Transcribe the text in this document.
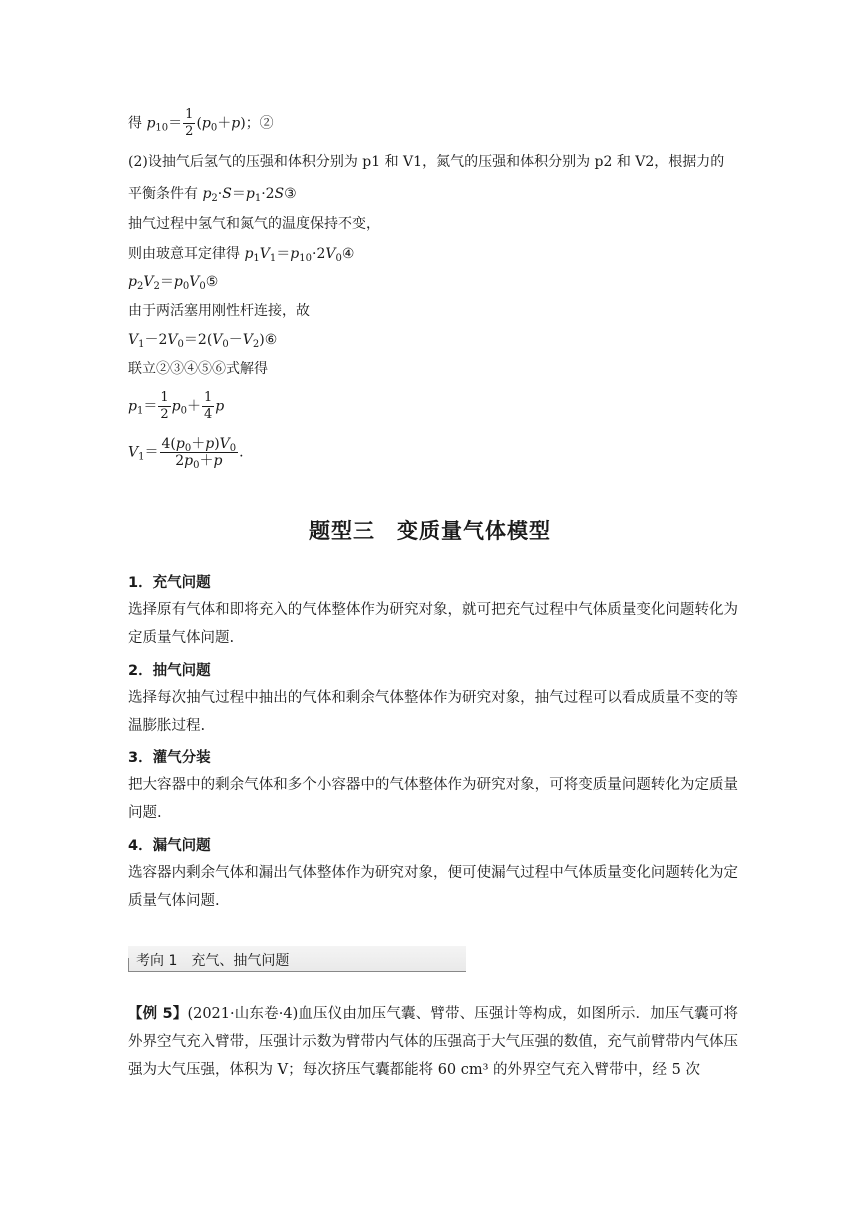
得 $p_{10}= \frac{1}{2} (p_0+p)$；②
(2)设抽气后氢气的压强和体积分别为 p1 和 V1，氮气的压强和体积分别为 p2 和 V2，根据力的
平衡条件有 $p_2\cdot S=p_1\cdot 2S③$
抽气过程中氢气和氮气的温度保持不变，
则由玻意耳定律得 $p_1V_1=p_{10}\cdot 2V_0④$
$p_2V_2=p_0V_0⑤$
由于两活塞用刚性杆连接，故
$V_1-2V_0=2(V_0-V_2)⑥$
联立②③④⑤⑥式解得
$p_1= \frac{1}{2} p_0+ \frac{1}{4}$ p
$V_1= \frac{4(p_0+p)V_0}{2p_0+p}$ .
题型三　变质量气体模型
1．充气问题
选择原有气体和即将充入的气体整体作为研究对象，就可把充气过程中气体质量变化问题转化为定质量气体问题.
2．抽气问题
选择每次抽气过程中抽出的气体和剩余气体整体作为研究对象，抽气过程可以看成质量不变的等温膨胀过程.
3．灌气分装
把大容器中的剩余气体和多个小容器中的气体整体作为研究对象，可将变质量问题转化为定质量问题.
4．漏气问题
选容器内剩余气体和漏出气体整体作为研究对象，便可使漏气过程中气体质量变化问题转化为定质量气体问题.
考向 1　充气、抽气问题
【例 5】(2021·山东卷·4)血压仪由加压气囊、臂带、压强计等构成，如图所示．加压气囊可将外界空气充入臂带，压强计示数为臂带内气体的压强高于大气压强的数值，充气前臂带内气体压强为大气压强，体积为 V；每次挤压气囊都能将 60 cm³ 的外界空气充入臂带中，经 5 次
